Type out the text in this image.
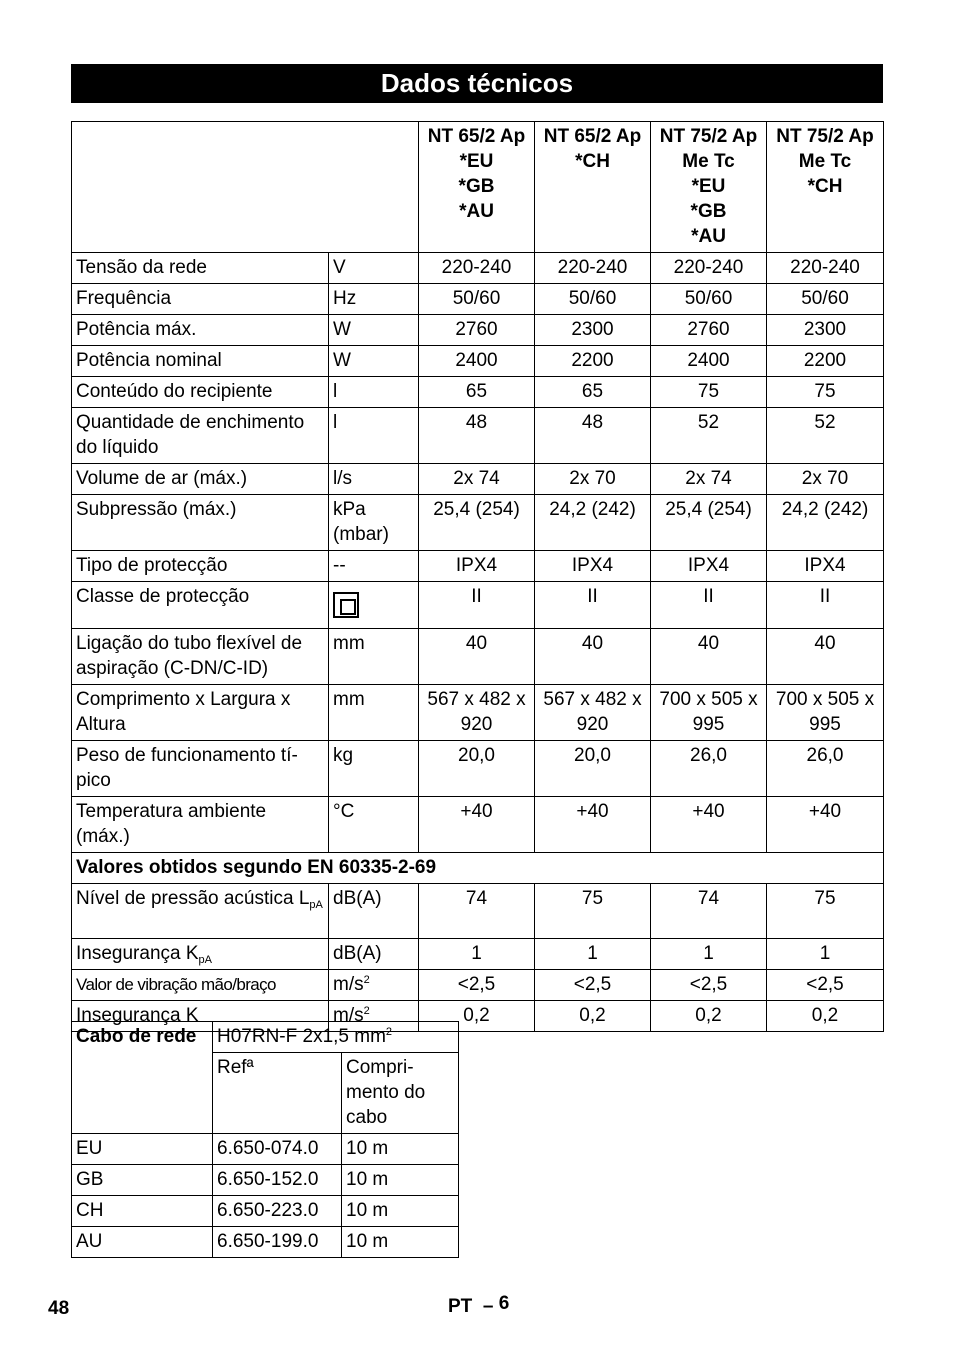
Dados técnicos
		NT 65/2 Ap
*EU
*GB
*AU	NT 65/2 Ap
*CH	NT 75/2 Ap
Me Tc
*EU
*GB
*AU	NT 75/2 Ap
Me Tc
*CH
Tensão da rede	V	220-240	220-240	220-240	220-240
Frequência	Hz	50/60	50/60	50/60	50/60
Potência máx.	W	2760	2300	2760	2300
Potência nominal	W	2400	2200	2400	2200
Conteúdo do recipiente	l	65	65	75	75
Quantidade de enchimento do líquido	l	48	48	52	52
Volume de ar (máx.)	l/s	2x 74	2x 70	2x 74	2x 70
Subpressão (máx.)	kPa (mbar)	25,4 (254)	24,2 (242)	25,4 (254)	24,2 (242)
Tipo de protecção	--	IPX4	IPX4	IPX4	IPX4
Classe de protecção		II	II	II	II
Ligação do tubo flexível de aspiração (C-DN/C-ID)	mm	40	40	40	40
Comprimento x Largura x Altura	mm	567 x 482 x 920	567 x 482 x 920	700 x 505 x 995	700 x 505 x 995
Peso de funcionamento tí-pico	kg	20,0	20,0	26,0	26,0
Temperatura ambiente (máx.)	°C	+40	+40	+40	+40
Valores obtidos segundo EN 60335-2-69					
Nível de pressão acústica $L_{pA}$	dB(A)	74	75	74	75
Insegurança $K_{pA}$	dB(A)	1	1	1	1
Valor de vibração mão/braço	$m/s^2$	<2,5	<2,5	<2,5	<2,5
Insegurança K	$m/s^2$	0,2	0,2	0,2	0,2
Cabo de rede	H07RN-F 2x1,5 $mm^2$
	Refª	Compri-
mento do
cabo
EU	6.650-074.0	10 m
GB	6.650-152.0	10 m
CH	6.650-223.0	10 m
AU	6.650-199.0	10 m
48	PT – 6
